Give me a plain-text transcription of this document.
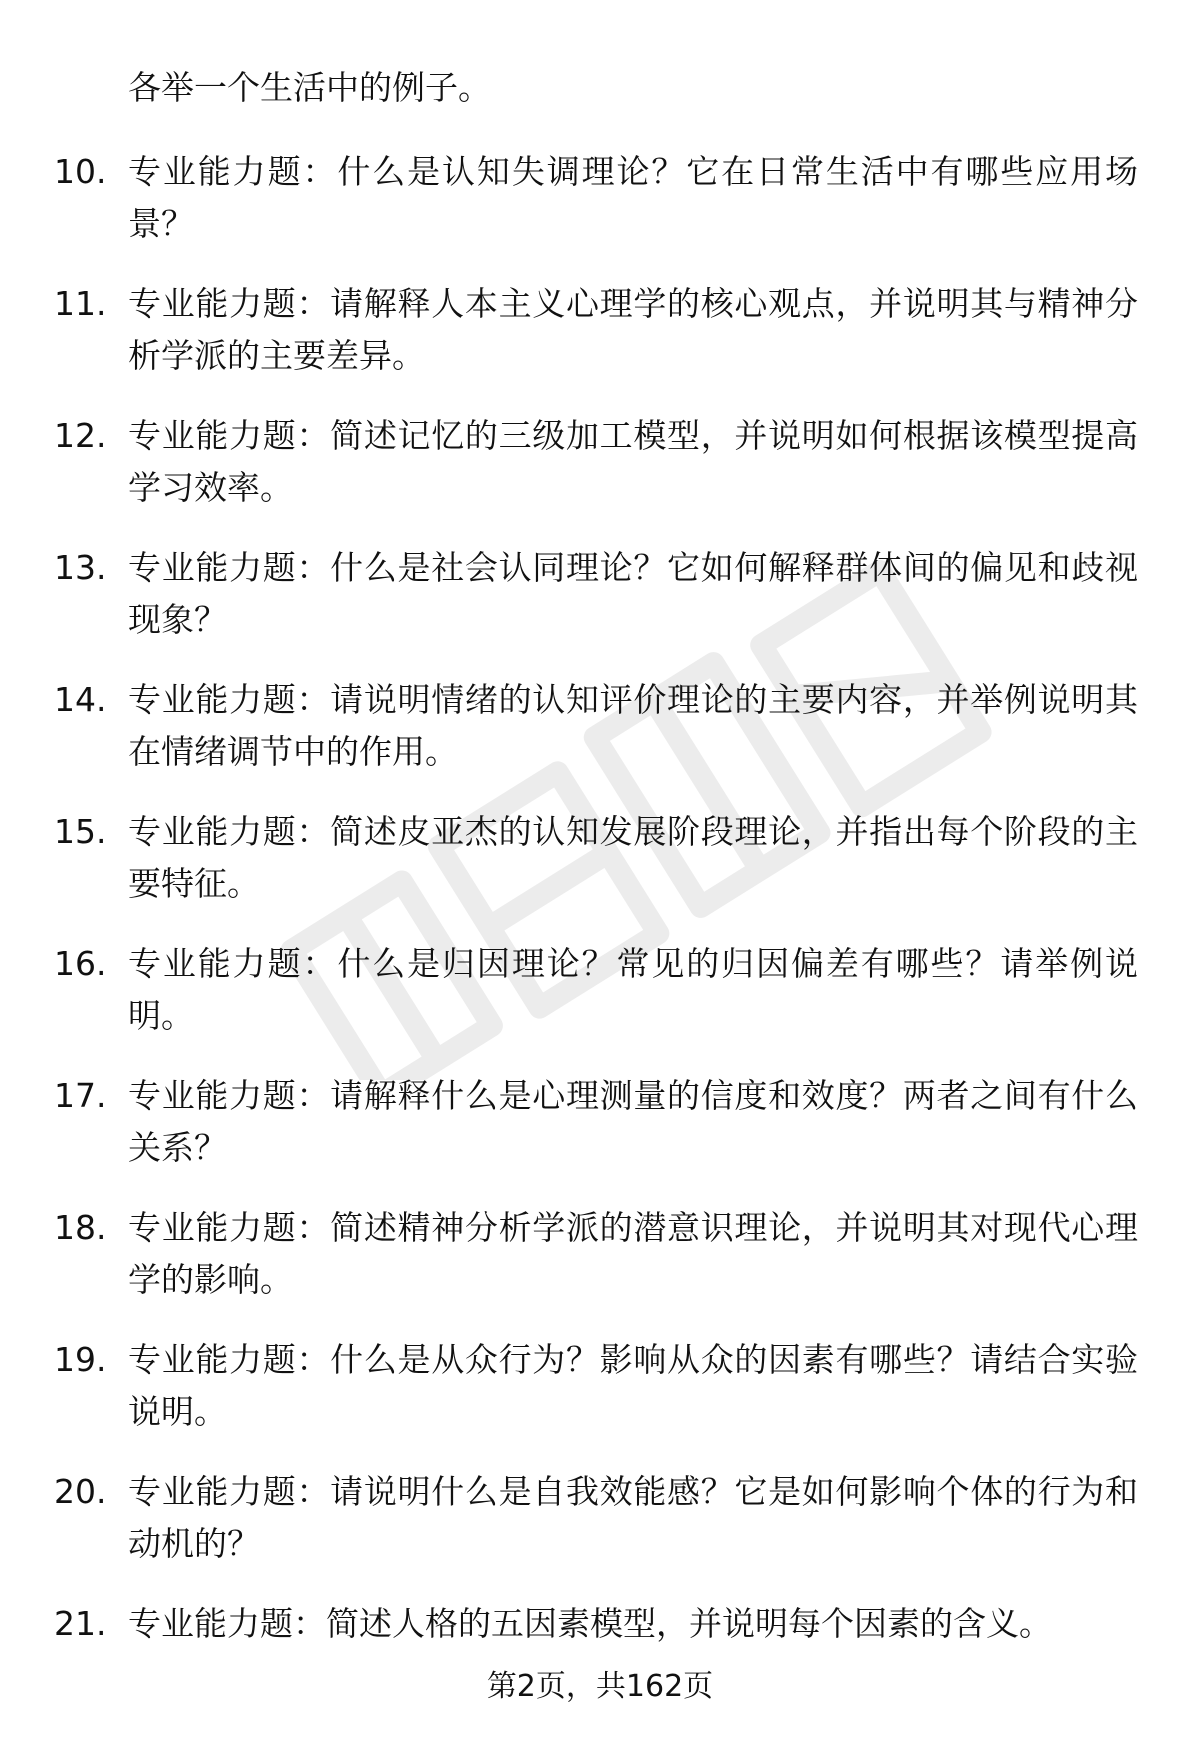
各举一个生活中的例子。
10. 专业能力题：什么是认知失调理论？它在日常生活中有哪些应用场景？
11. 专业能力题：请解释人本主义心理学的核心观点，并说明其与精神分析学派的主要差异。
12. 专业能力题：简述记忆的三级加工模型，并说明如何根据该模型提高学习效率。
13. 专业能力题：什么是社会认同理论？它如何解释群体间的偏见和歧视现象？
14. 专业能力题：请说明情绪的认知评价理论的主要内容，并举例说明其在情绪调节中的作用。
15. 专业能力题：简述皮亚杰的认知发展阶段理论，并指出每个阶段的主要特征。
16. 专业能力题：什么是归因理论？常见的归因偏差有哪些？请举例说明。
17. 专业能力题：请解释什么是心理测量的信度和效度？两者之间有什么关系？
18. 专业能力题：简述精神分析学派的潜意识理论，并说明其对现代心理学的影响。
19. 专业能力题：什么是从众行为？影响从众的因素有哪些？请结合实验说明。
20. 专业能力题：请说明什么是自我效能感？它是如何影响个体的行为和动机的？
21. 专业能力题：简述人格的五因素模型，并说明每个因素的含义。
第2页，共162页
